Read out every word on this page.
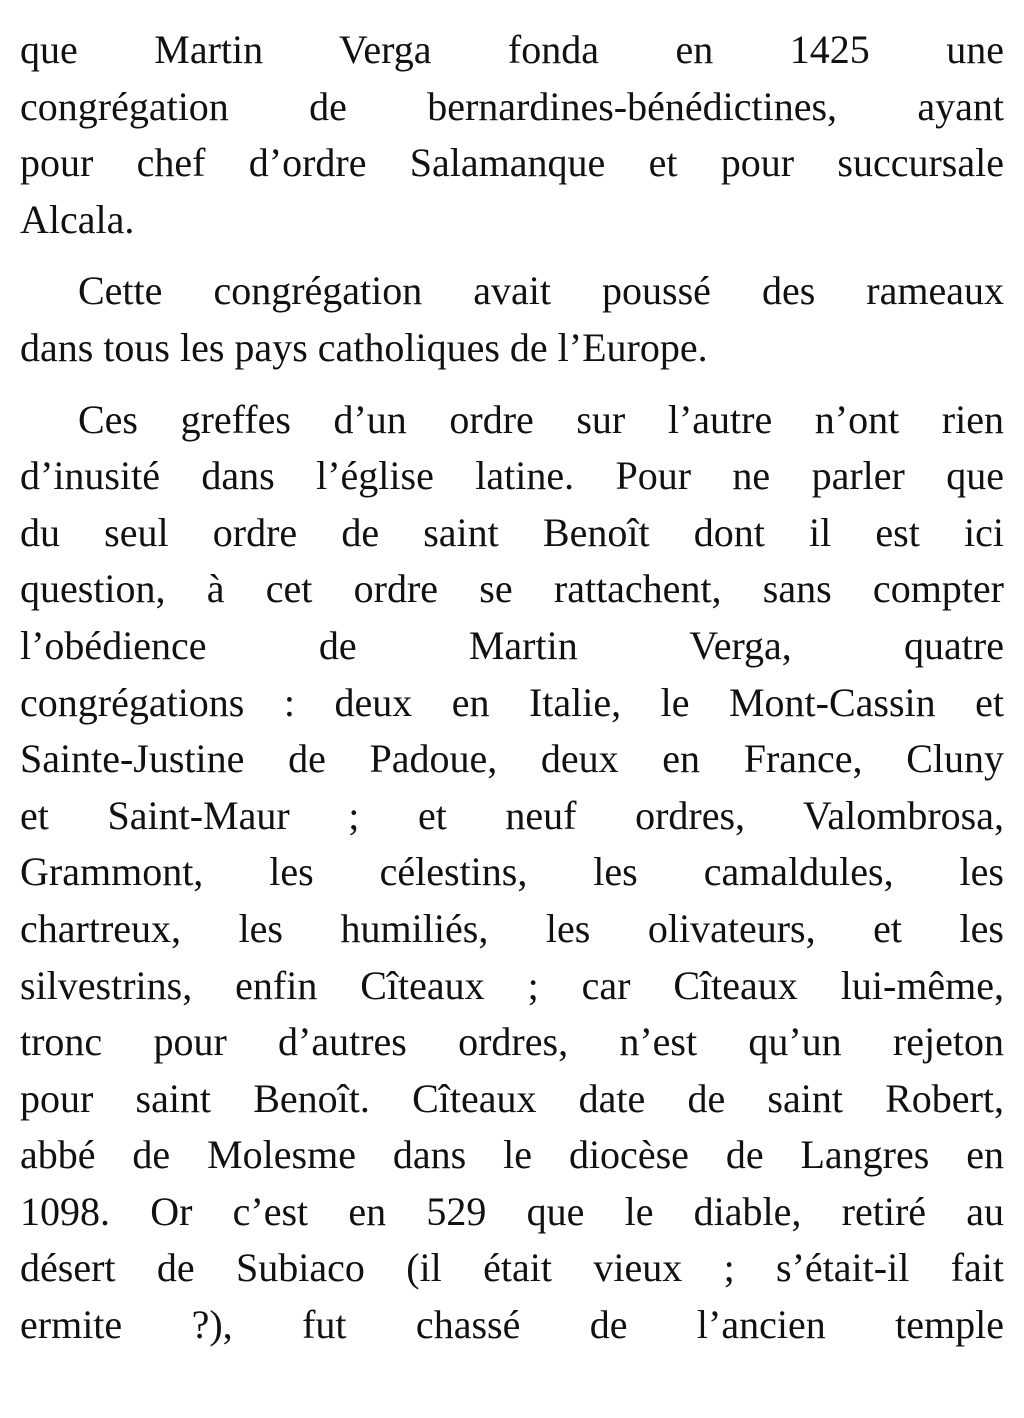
que Martin Verga fonda en 1425 une
congrégation de bernardines-bénédictines, ayant
pour chef d’ordre Salamanque et pour succursale
Alcala.
Cette congrégation avait poussé des rameaux
dans tous les pays catholiques de l’Europe.
Ces greffes d’un ordre sur l’autre n’ont rien
d’inusité dans l’église latine. Pour ne parler que
du seul ordre de saint Benoît dont il est ici
question, à cet ordre se rattachent, sans compter
l’obédience de Martin Verga, quatre
congrégations : deux en Italie, le Mont-Cassin et
Sainte-Justine de Padoue, deux en France, Cluny
et Saint-Maur ; et neuf ordres, Valombrosa,
Grammont, les célestins, les camaldules, les
chartreux, les humiliés, les olivateurs, et les
silvestrins, enfin Cîteaux ; car Cîteaux lui-même,
tronc pour d’autres ordres, n’est qu’un rejeton
pour saint Benoît. Cîteaux date de saint Robert,
abbé de Molesme dans le diocèse de Langres en
1098. Or c’est en 529 que le diable, retiré au
désert de Subiaco (il était vieux ; s’était-il fait
ermite ?), fut chassé de l’ancien temple
